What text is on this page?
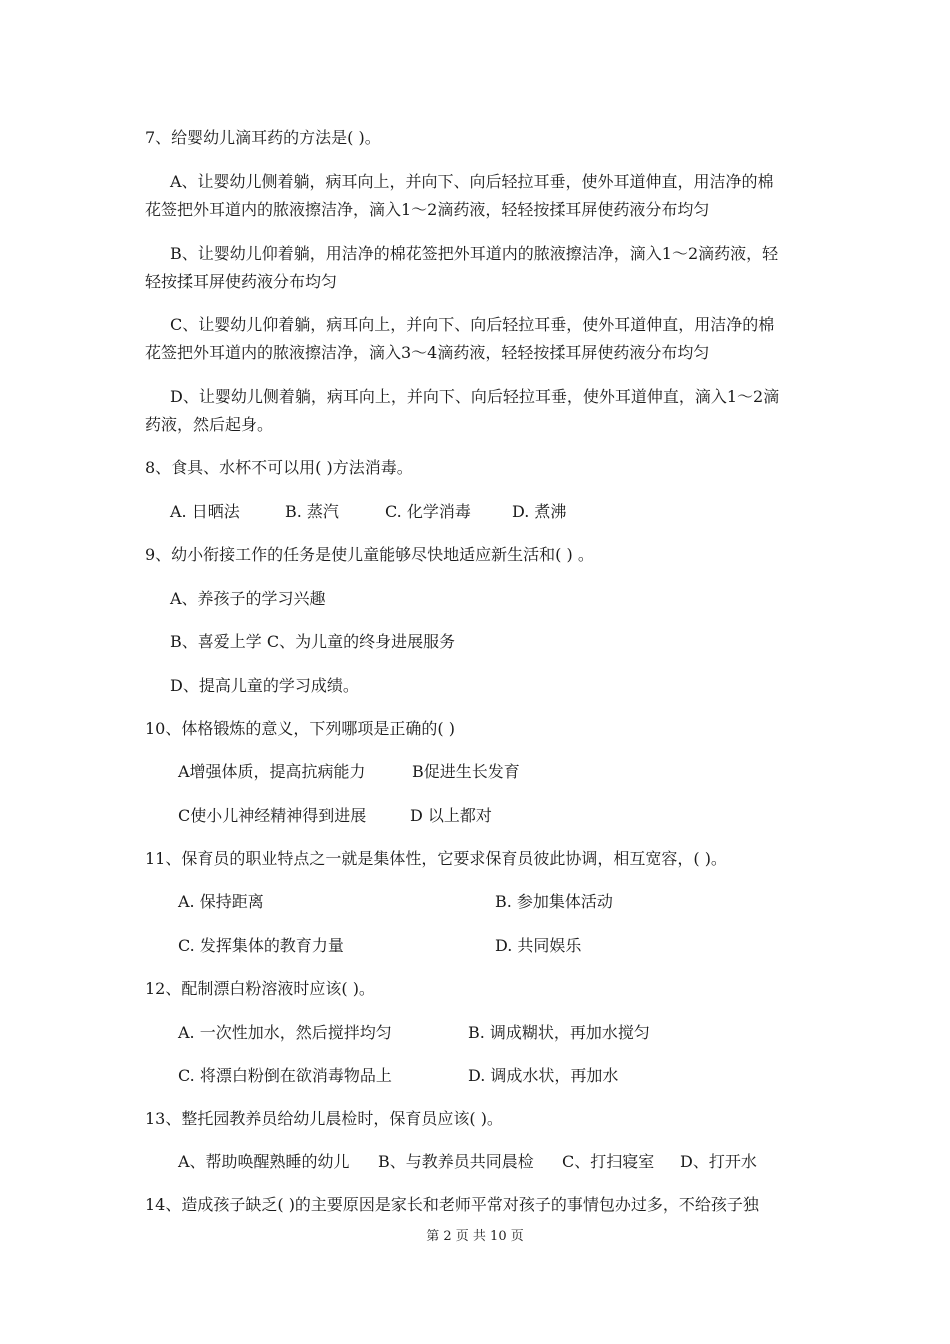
7、给婴幼儿滴耳药的方法是( )。
A、让婴幼儿侧着躺，病耳向上，并向下、向后轻拉耳垂，使外耳道伸直，用洁净的棉
花签把外耳道内的脓液擦洁净，滴入1～2滴药液，轻轻按揉耳屏使药液分布均匀
B、让婴幼儿仰着躺，用洁净的棉花签把外耳道内的脓液擦洁净，滴入1～2滴药液，轻
轻按揉耳屏使药液分布均匀
C、让婴幼儿仰着躺，病耳向上，并向下、向后轻拉耳垂，使外耳道伸直，用洁净的棉
花签把外耳道内的脓液擦洁净，滴入3～4滴药液，轻轻按揉耳屏使药液分布均匀
D、让婴幼儿侧着躺，病耳向上，并向下、向后轻拉耳垂，使外耳道伸直，滴入1～2滴
药液，然后起身。
8、食具、水杯不可以用( )方法消毒。
A. 日晒法	B. 蒸汽	C. 化学消毒	D. 煮沸
9、幼小衔接工作的任务是使儿童能够尽快地适应新生活和( ) 。
A、养孩子的学习兴趣
B、喜爱上学 C、为儿童的终身进展服务
D、提高儿童的学习成绩。
10、体格锻炼的意义，下列哪项是正确的( )
A增强体质，提高抗病能力	B促进生长发育
C使小儿神经精神得到进展	D 以上都对
11、保育员的职业特点之一就是集体性，它要求保育员彼此协调，相互宽容，( )。
A. 保持距离	B. 参加集体活动
C. 发挥集体的教育力量	D. 共同娱乐
12、配制漂白粉溶液时应该( )。
A. 一次性加水，然后搅拌均匀	B. 调成糊状，再加水搅匀
C. 将漂白粉倒在欲消毒物品上	D. 调成水状，再加水
13、整托园教养员给幼儿晨检时，保育员应该( )。
A、帮助唤醒熟睡的幼儿 B、与教养员共同晨检 C、打扫寝室 D、打开水
14、造成孩子缺乏( )的主要原因是家长和老师平常对孩子的事情包办过多，不给孩子独
第 2 页 共 10 页
